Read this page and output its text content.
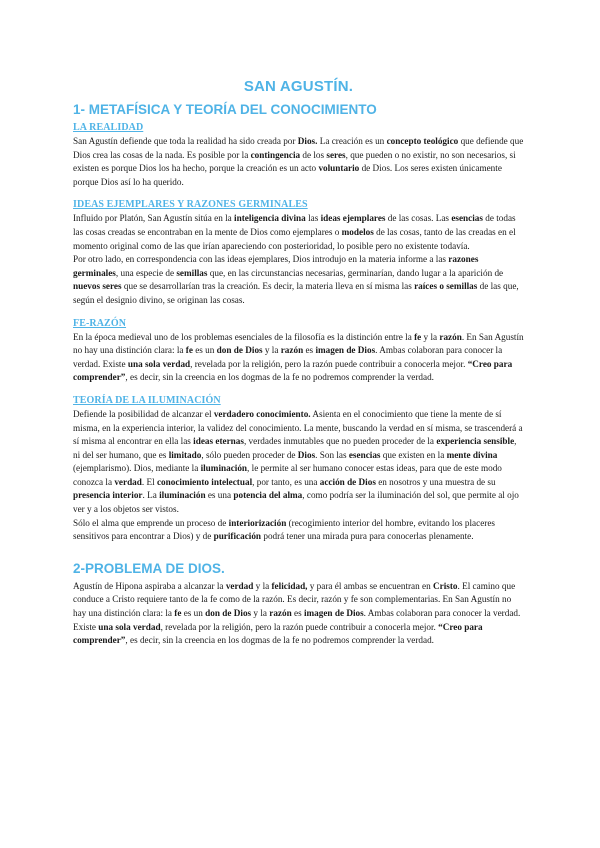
SAN AGUSTÍN.
1- METAFÍSICA Y TEORÍA DEL CONOCIMIENTO
LA REALIDAD

San Agustín defiende que toda la realidad ha sido creada por Dios. La creación es un concepto teológico que defiende que Dios crea las cosas de la nada. Es posible por la contingencia de los seres, que pueden o no existir, no son necesarios, si existen es porque Dios los ha hecho, porque la creación es un acto voluntario de Dios. Los seres existen únicamente porque Dios así lo ha querido.

IDEAS EJEMPLARES Y RAZONES GERMINALES

Influido por Platón, San Agustín sitúa en la inteligencia divina las ideas ejemplares de las cosas. Las esencias de todas las cosas creadas se encontraban en la mente de Dios como ejemplares o modelos de las cosas, tanto de las creadas en el momento original como de las que irían apareciendo con posterioridad, lo posible pero no existente todavía.

Por otro lado, en correspondencia con las ideas ejemplares, Dios introdujo en la materia informe a las razones germinales, una especie de semillas que, en las circunstancias necesarias, germinarían, dando lugar a la aparición de nuevos seres que se desarrollarían tras la creación. Es decir, la materia lleva en sí misma las raíces o semillas de las que, según el designio divino, se originan las cosas.

FE-RAZÓN

En la época medieval uno de los problemas esenciales de la filosofía es la distinción entre la fe y la razón. En San Agustín no hay una distinción clara: la fe es un don de Dios y la razón es imagen de Dios. Ambas colaboran para conocer la verdad. Existe una sola verdad, revelada por la religión, pero la razón puede contribuir a conocerla mejor. “Creo para comprender”, es decir, sin la creencia en los dogmas de la fe no podremos comprender la verdad.

TEORÍA DE LA ILUMINACIÓN

Defiende la posibilidad de alcanzar el verdadero conocimiento. Asienta en el conocimiento que tiene la mente de sí misma, en la experiencia interior, la validez del conocimiento. La mente, buscando la verdad en sí misma, se trascenderá a sí misma al encontrar en ella las ideas eternas, verdades inmutables que no pueden proceder de la experiencia sensible, ni del ser humano, que es limitado, sólo pueden proceder de Dios. Son las esencias que existen en la mente divina (ejemplarismo). Dios, mediante la iluminación, le permite al ser humano conocer estas ideas, para que de este modo conozca la verdad. El conocimiento intelectual, por tanto, es una acción de Dios en nosotros y una muestra de su presencia interior. La iluminación es una potencia del alma, como podría ser la iluminación del sol, que permite al ojo ver y a los objetos ser vistos.

Sólo el alma que emprende un proceso de interiorización (recogimiento interior del hombre, evitando los placeres sensitivos para encontrar a Dios) y de purificación podrá tener una mirada pura para conocerlas plenamente.

2-PROBLEMA DE DIOS.

Agustín de Hipona aspiraba a alcanzar la verdad y la felicidad, y para él ambas se encuentran en Cristo. El camino que conduce a Cristo requiere tanto de la fe como de la razón. Es decir, razón y fe son complementarias. En San Agustín no hay una distinción clara: la fe es un don de Dios y la razón es imagen de Dios. Ambas colaboran para conocer la verdad. Existe una sola verdad, revelada por la religión, pero la razón puede contribuir a conocerla mejor. “Creo para comprender”, es decir, sin la creencia en los dogmas de la fe no podremos comprender la verdad.
